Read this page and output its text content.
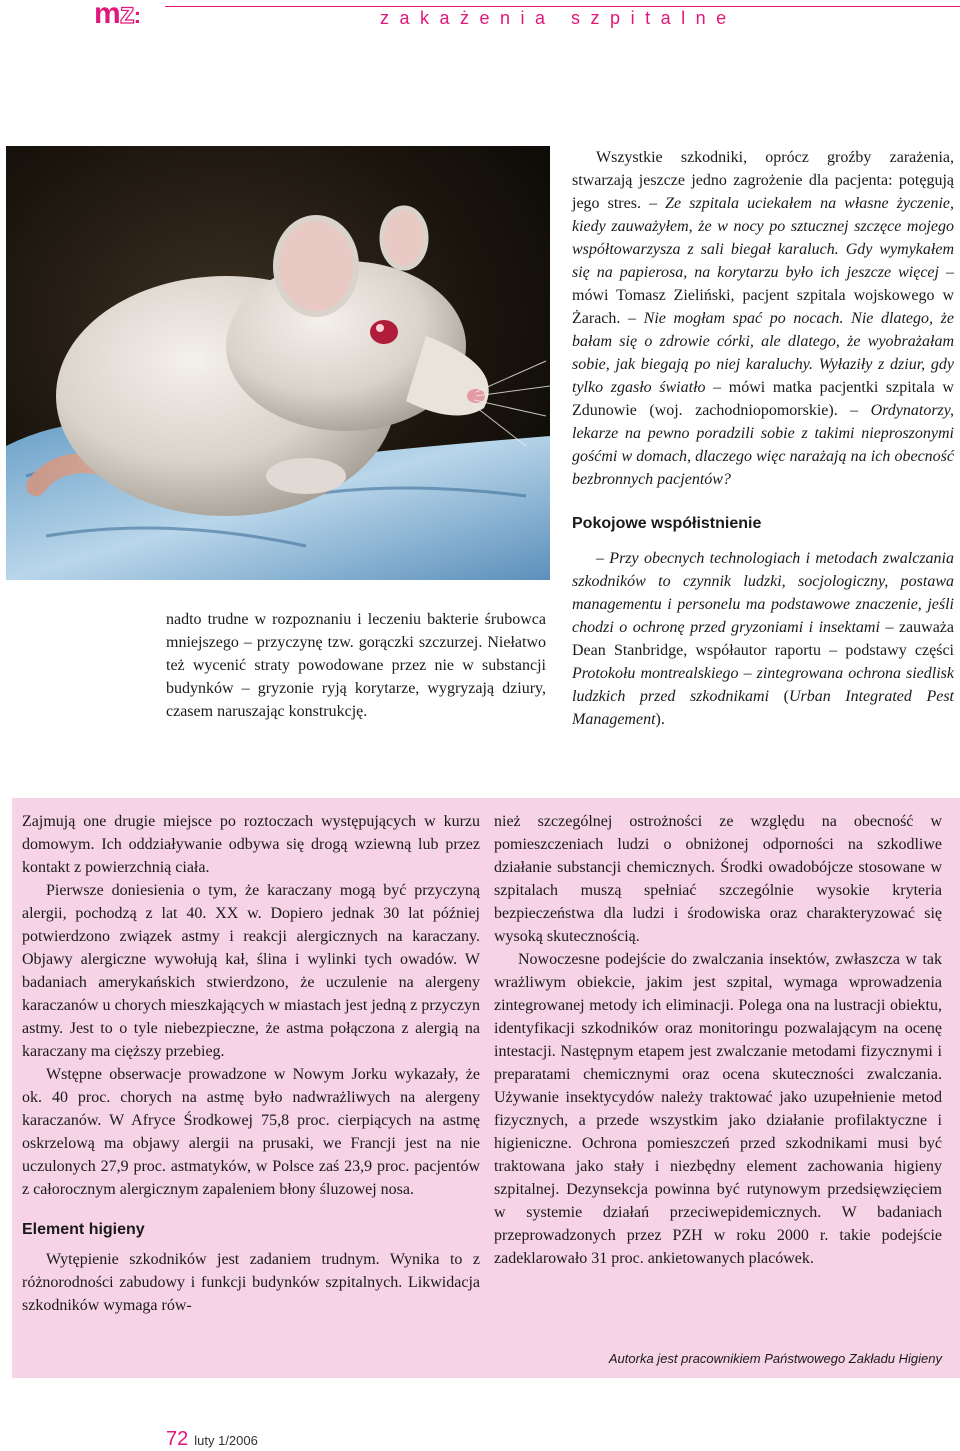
mz:	zakażenia szpitalne

nadto trudne w rozpoznaniu i leczeniu bakterie śrubowca mniejszego – przyczynę tzw. gorączki szczurzej. Niełatwo też wycenić straty powodowane przez nie w substancji budynków – gryzonie ryją korytarze, wygryzają dziury, czasem naruszając konstrukcję.

Wszystkie szkodniki, oprócz groźby zarażenia, stwarzają jeszcze jedno zagrożenie dla pacjenta: potęgują jego stres. – Ze szpitala uciekałem na własne życzenie, kiedy zauważyłem, że w nocy po sztucznej szczęce mojego współtowarzysza z sali biegał karaluch. Gdy wymykałem się na papierosa, na korytarzu było ich jeszcze więcej – mówi Tomasz Zieliński, pacjent szpitala wojskowego w Żarach. – Nie mogłam spać po nocach. Nie dlatego, że bałam się o zdrowie córki, ale dlatego, że wyobrażałam sobie, jak biegają po niej karaluchy. Wyłaziły z dziur, gdy tylko zgasło światło – mówi matka pacjentki szpitala w Zdunowie (woj. zachodniopomorskie). – Ordynatorzy, lekarze na pewno poradzili sobie z takimi nieproszonymi gośćmi w domach, dlaczego więc narażają na ich obecność bezbronnych pacjentów?

Pokojowe współistnienie

– Przy obecnych technologiach i metodach zwalczania szkodników to czynnik ludzki, socjologiczny, postawa managementu i personelu ma podstawowe znaczenie, jeśli chodzi o ochronę przed gryzoniami i insektami – zauważa Dean Stanbridge, współautor raportu – podstawy części Protokołu montrealskiego – zintegrowana ochrona siedlisk ludzkich przed szkodnikami (Urban Integrated Pest Management).

Zajmują one drugie miejsce po roztoczach występujących w kurzu domowym. Ich oddziaływanie odbywa się drogą wziewną lub przez kontakt z powierzchnią ciała.

Pierwsze doniesienia o tym, że karaczany mogą być przyczyną alergii, pochodzą z lat 40. XX w. Dopiero jednak 30 lat później potwierdzono związek astmy i reakcji alergicznych na karaczany. Objawy alergiczne wywołują kał, ślina i wylinki tych owadów. W badaniach amerykańskich stwierdzono, że uczulenie na alergeny karaczanów u chorych mieszkających w miastach jest jedną z przyczyn astmy. Jest to o tyle niebezpieczne, że astma połączona z alergią na karaczany ma cięższy przebieg.

Wstępne obserwacje prowadzone w Nowym Jorku wykazały, że ok. 40 proc. chorych na astmę było nadwrażliwych na alergeny karaczanów. W Afryce Środkowej 75,8 proc. cierpiących na astmę oskrzelową ma objawy alergii na prusaki, we Francji jest na nie uczulonych 27,9 proc. astmatyków, w Polsce zaś 23,9 proc. pacjentów z całorocznym alergicznym zapaleniem błony śluzowej nosa.

Element higieny

Wytępienie szkodników jest zadaniem trudnym. Wynika to z różnorodności zabudowy i funkcji budynków szpitalnych. Likwidacja szkodników wymaga rów-

nież szczególnej ostrożności ze względu na obecność w pomieszczeniach ludzi o obniżonej odporności na szkodliwe działanie substancji chemicznych. Środki owadobójcze stosowane w szpitalach muszą spełniać szczególnie wysokie kryteria bezpieczeństwa dla ludzi i środowiska oraz charakteryzować się wysoką skutecznością.

Nowoczesne podejście do zwalczania insektów, zwłaszcza w tak wrażliwym obiekcie, jakim jest szpital, wymaga wprowadzenia zintegrowanej metody ich eliminacji. Polega ona na lustracji obiektu, identyfikacji szkodników oraz monitoringu pozwalającym na ocenę intestacji. Następnym etapem jest zwalczanie metodami fizycznymi i preparatami chemicznymi oraz ocena skuteczności zwalczania. Używanie insektycydów należy traktować jako uzupełnienie metod fizycznych, a przede wszystkim jako działanie profilaktyczne i higieniczne. Ochrona pomieszczeń przed szkodnikami musi być traktowana jako stały i niezbędny element zachowania higieny szpitalnej. Dezynsekcja powinna być rutynowym przedsięwzięciem w systemie działań przeciwepidemicznych. W badaniach przeprowadzonych przez PZH w roku 2000 r. takie podejście zadeklarowało 31 proc. ankietowanych placówek.

Autorka jest pracownikiem Państwowego Zakładu Higieny
72 luty 1/2006
